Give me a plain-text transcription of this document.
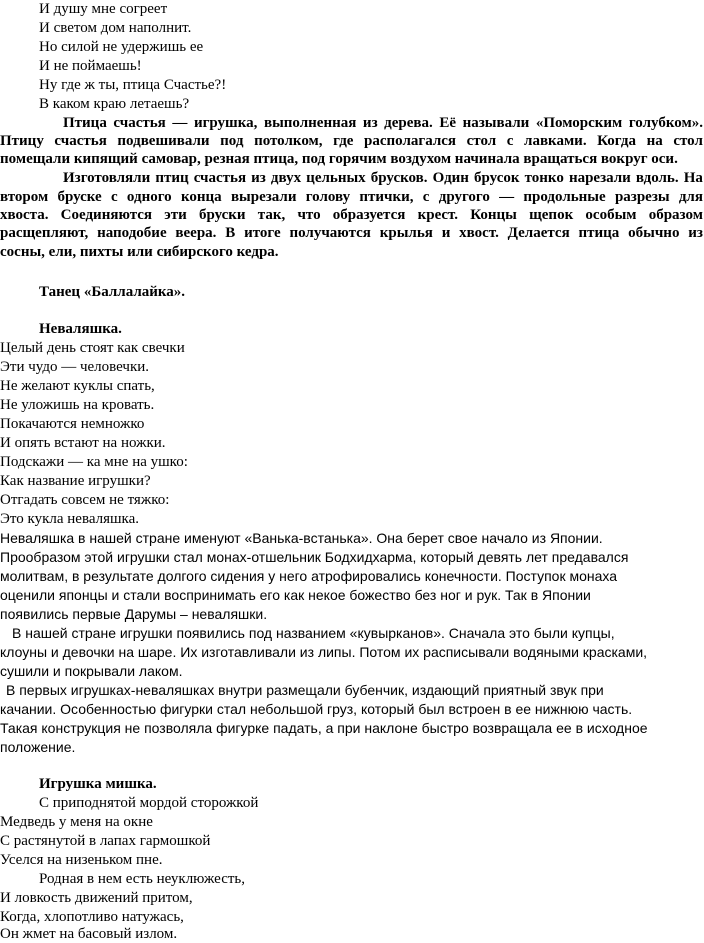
И душу мне согреет
И светом дом наполнит.
Но силой не удержишь ее
И не поймаешь!
Ну где ж ты, птица Счастье?!
В каком краю летаешь?
Птица счастья — игрушка, выполненная из дерева. Её называли «Поморским голубком».
Птицу счастья подвешивали под потолком, где располагался стол с лавками. Когда на стол
помещали кипящий самовар, резная птица, под горячим воздухом начинала вращаться вокруг оси.
Изготовляли птиц счастья из двух цельных брусков. Один брусок тонко нарезали вдоль. На
втором бруске с одного конца вырезали голову птички, с другого — продольные разрезы для
хвоста. Соединяются эти бруски так, что образуется крест. Концы щепок особым образом
расщепляют, наподобие веера. В итоге получаются крылья и хвост. Делается птица обычно из
сосны, ели, пихты или сибирского кедра.
Танец «Баллалайка».
Неваляшка.
Целый день стоят как свечки
Эти чудо — человечки.
Не желают куклы спать,
Не уложишь на кровать.
Покачаются немножко
И опять встают на ножки.
Подскажи — ка мне на ушко:
Как название игрушки?
Отгадать совсем не тяжко:
Это кукла неваляшка.
Неваляшка в нашей стране именуют «Ванька-встанька». Она берет свое начало из Японии.
Прообразом этой игрушки стал монах-отшельник Бодхидхарма, который девять лет предавался
молитвам, в результате долгого сидения у него атрофировались конечности. Поступок монаха
оценили японцы и стали воспринимать его как некое божество без ног и рук. Так в Японии
появились первые Дарумы – неваляшки.
В нашей стране игрушки появились под названием «кувырканов». Сначала это были купцы,
клоуны и девочки на шаре. Их изготавливали из липы. Потом их расписывали водяными красками,
сушили и покрывали лаком.
В первых игрушках-неваляшках внутри размещали бубенчик, издающий приятный звук при
качании. Особенностью фигурки стал небольшой груз, который был встроен в ее нижнюю часть.
Такая конструкция не позволяла фигурке падать, а при наклоне быстро возвращала ее в исходное
положение.
Игрушка мишка.
С приподнятой мордой сторожкой
Медведь у меня на окне
С растянутой в лапах гармошкой
Уселся на низеньком пне.
Родная в нем есть неуклюжесть,
И ловкость движений притом,
Когда, хлопотливо натужась,
Он жмет на басовый излом.
